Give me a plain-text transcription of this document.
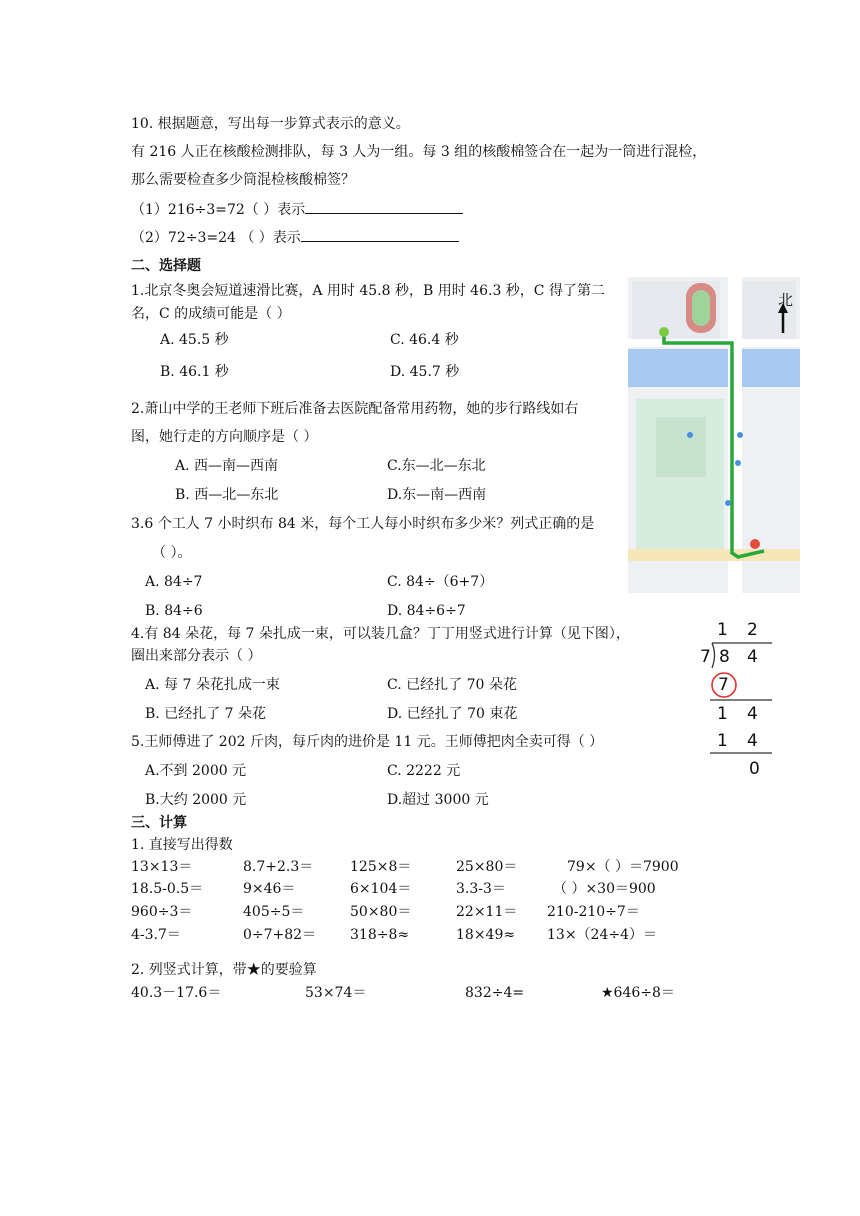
10. 根据题意，写出每一步算式表示的意义。
有 216 人正在核酸检测排队，每 3 人为一组。每 3 组的核酸棉签合在一起为一筒进行混检，
那么需要检查多少筒混检核酸棉签？
（1）216÷3=72（ ）表示
（2）72÷3=24 （ ）表示
二、选择题
1.北京冬奥会短道速滑比赛，A 用时 45.8 秒，B 用时 46.3 秒，C 得了第二
名，C 的成绩可能是（ ）
A. 45.5 秒	C. 46.4 秒
B. 46.1 秒	D. 45.7 秒
2.萧山中学的王老师下班后准备去医院配备常用药物，她的步行路线如右
图，她行走的方向顺序是（ ）
A. 西—南—西南	C.东—北—东北
B. 西—北—东北	D.东—南—西南
3.6 个工人 7 小时织布 84 米，每个工人每小时织布多少米？列式正确的是
（ ）。
A. 84÷7	C. 84÷（6+7）
B. 84÷6	D. 84÷6÷7
4.有 84 朵花，每 7 朵扎成一束，可以装几盒？丁丁用竖式进行计算（见下图），
圈出来部分表示（ ）
A. 每 7 朵花扎成一束	C. 已经扎了 70 朵花
B. 已经扎了 7 朵花	D. 已经扎了 70 束花
5.王师傅进了 202 斤肉，每斤肉的进价是 11 元。王师傅把肉全卖可得（ ）
A.不到 2000 元	C. 2222 元
B.大约 2000 元	D.超过 3000 元
北
1 2
7 8 4
7
1 4
1 4
0
三、计算
1. 直接写出得数
13×13＝	8.7+2.3＝	125×8＝	25×80＝	79×（ ）＝7900
18.5-0.5＝	9×46＝	6×104＝	3.3-3＝	（ ）×30＝900
960÷3＝	405÷5＝	50×80＝	22×11＝ 210-210÷7＝
4-3.7＝	0÷7+82＝ 318÷8≈	18×49≈ 13×（24÷4）＝
2. 列竖式计算，带★的要验算
40.3－17.6＝	53×74＝	832÷4=	★646÷8＝
